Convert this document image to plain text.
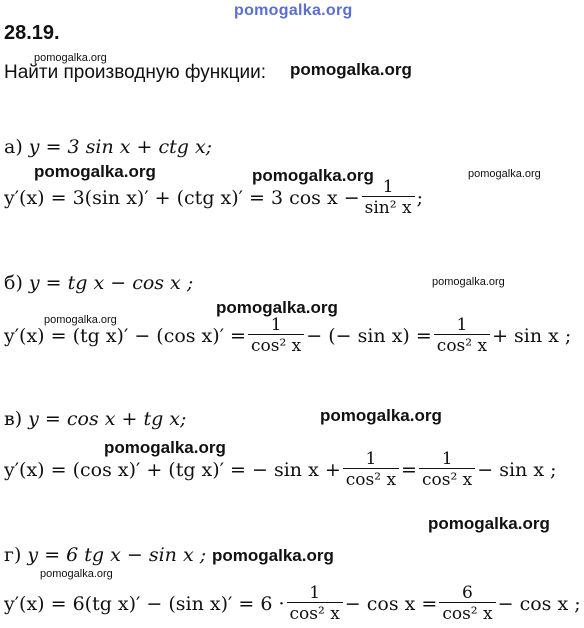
pomogalka.org
pomogalka.org
pomogalka.org
pomogalka.org	pomogalka.org	pomogalka.org
pomogalka.org
pomogalka.org
pomogalka.org
pomogalka.org
pomogalka.org
pomogalka.org
pomogalka.org
pomogalka.org
28.19.
Найти производную функции:
а) y = 3 sin x + ctg x;
y′(x) = 3(sin x)′ + (ctg x)′ = 3 $\cos x - \frac{1}{\text{sin² x}}$ ;
б) y = tg x − cos x ;
y′(x) = (tg x)′ − (cos $x)' = \frac{1}{\text{cos² x}}$ − (− $\sin x) = \frac{1}{\text{cos² x}} + \sin x$ ;
в) y = cos x + tg x;
y′(x) = (cos x)′ + (tg x)′ = − $\sin x + \frac{1}{\text{cos² x}} = \frac{1}{\text{cos² x}} - \sin x$ ;
г) y = 6 tg x − sin x ;
y′(x) = 6(tg x)′ − (sin $x)' = 6 \cdot \frac{1}{\text{cos² x}} - \cos x = \frac{6}{\text{cos² x}} - \cos x$ ;
